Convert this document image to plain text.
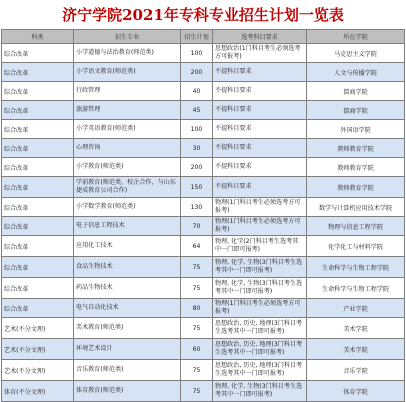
济宁学院2021年专科专业招生计划一览表
科类	招生专业	招生计划	选考科目要求	所在学院
综合改革	小学道德与法治教育(师范类)	100	思想政治(1门科目考生必须选考方可报考)	马克思主义学院
综合改革	小学语文教育(师范类)	200	不提科目要求	人文与传播学院
综合改革	行政管理	40	不提科目要求	儒商学院
综合改革	旅游管理	45	不提科目要求	儒商学院
综合改革	小学英语教育(师范类)	100	不提科目要求	外国语学院
综合改革	心理咨询	30	不提科目要求	教师教育学院
综合改革	小学教育(师范类)	200	不提科目要求	教师教育学院
综合改革	学前教育(师范类，校企合作，与山东捷成教育公司合作)	150	不提科目要求	教师教育学院
综合改革	小学数学教育(师范类)	130	物理(1门科目考生必须选考方可报考)	数学与计算机应用技术学院
综合改革	电子信息工程技术	70	物理(1门科目考生必须选考方可报考)	物理与信息工程学院
综合改革	应用化工技术	64	物理, 化学(2门科目考生选考其中一门即可报考)	化学化工与材料学院
综合改革	食品生物技术	75	物理, 化学, 生物(3门科目考生选考其中一门即可报考)	生命科学与生物工程学院
综合改革	药品生物技术	75	物理, 化学, 生物(3门科目考生选考其中一门即可报考)	生命科学与生物工程学院
综合改革	电气自动化技术	80	物理(1门科目考生必须选考方可报考)	产业学院
艺术(不分文理)	美术教育(师范类)	75	思想政治, 历史, 地理(3门科目考生选考其中一门即可报考)	美术学院
艺术(不分文理)	环境艺术设计	60	思想政治, 历史, 地理(3门科目考生选考其中一门即可报考)	美术学院
艺术(不分文理)	音乐教育(师范类)	75	思想政治, 历史, 地理(3门科目考生选考其中一门即可报考)	音乐学院
体育(不分文理)	体育教育(师范类)	75	物理, 化学, 生物(3门科目考生选考其中一门即可报考)	体育学院
